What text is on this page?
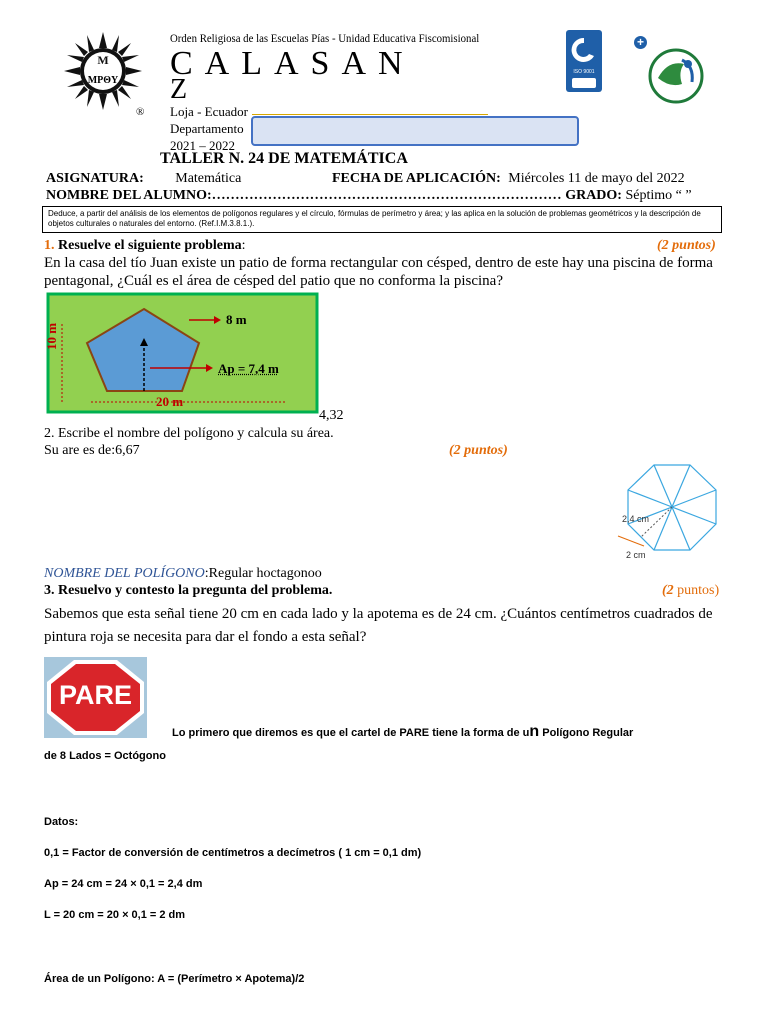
M
MPΘY
®
Orden Religiosa de las Escuelas Pías - Unidad Educativa Fiscomisional
CALASAN
Z
Loja - Ecuador
Departamento
2021 – 2022
ISO 9001
+
TALLER N. 24 DE MATEMÁTICA
ASIGNATURA: Matemática	FECHA DE APLICACIÓN: Miércoles 11 de mayo del 2022
NOMBRE DEL ALUMNO:………………………………………………………………… GRADO: Séptimo “ ”
Deduce, a partir del análisis de los elementos de polígonos regulares y el círculo, fórmulas de perímetro y área; y las aplica en la solución de problemas geométricos y la descripción de objetos culturales o naturales del entorno. (Ref.I.M.3.8.1.).
1. Resuelve el siguiente problema:	(2 puntos)
En la casa del tío Juan existe un patio de forma rectangular con césped, dentro de este hay una piscina de forma pentagonal, ¿Cuál es el área de césped del patio que no conforma la piscina?
8 m
Ap = 7,4 m
10 m
20 m
4,32
2. Escribe el nombre del polígono y calcula su área.
Su are es de:6,67	(2 puntos)
2,4 cm
2 cm
NOMBRE DEL POLÍGONO:Regular hoctagonoo
3. Resuelvo y contesto la pregunta del problema.	(2 puntos)
Sabemos que esta señal tiene 20 cm en cada lado y la apotema es de 24 cm. ¿Cuántos centímetros cuadrados de pintura roja se necesita para dar el fondo a esta señal?
PARE
Lo primero que diremos es que el cartel de PARE tiene la forma de un Polígono Regular
de 8 Lados = Octógono
Datos:
0,1 = Factor de conversión de centímetros a decímetros ( 1 cm = 0,1 dm)
Ap = 24 cm = 24 × 0,1 = 2,4 dm
L = 20 cm = 20 × 0,1 = 2 dm
Área de un Polígono: A = (Perímetro × Apotema)/2
